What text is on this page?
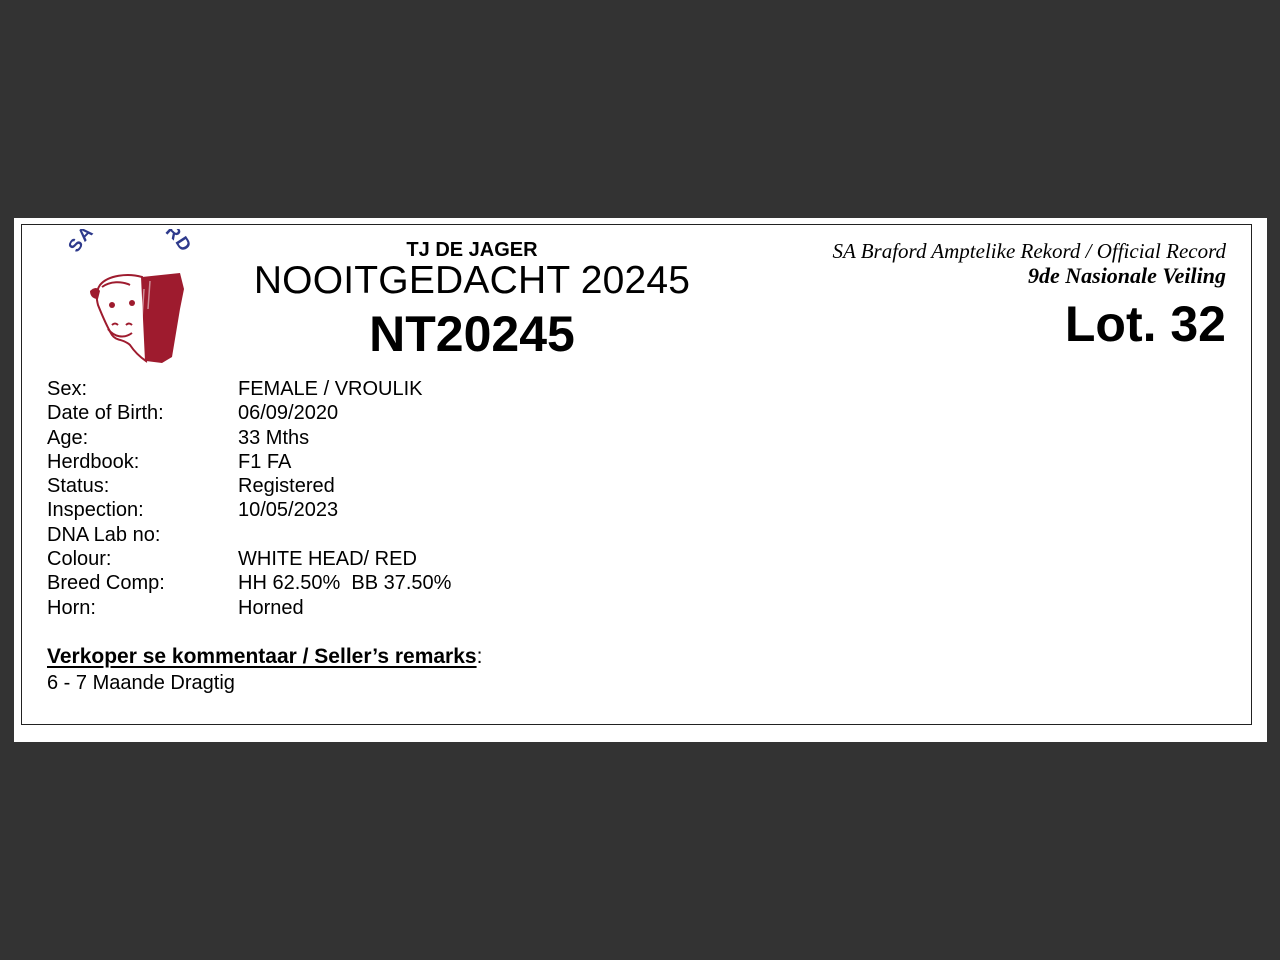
SA RD	TJ DE JAGER
NOOITGEDACHT 20245
NT20245
SA Braford Amptelike Rekord / Official Record
9de Nasionale Veiling
Lot. 32
Sex:	FEMALE / VROULIK
Date of Birth:	06/09/2020
Age:	33 Mths
Herdbook:	F1 FA
Status:	Registered
Inspection:	10/05/2023
DNA Lab no:
Colour:	WHITE HEAD/ RED
Breed Comp:	HH 62.50%  BB 37.50%
Horn:	Horned
Verkoper se kommentaar / Seller’s remarks:
6 - 7 Maande Dragtig
